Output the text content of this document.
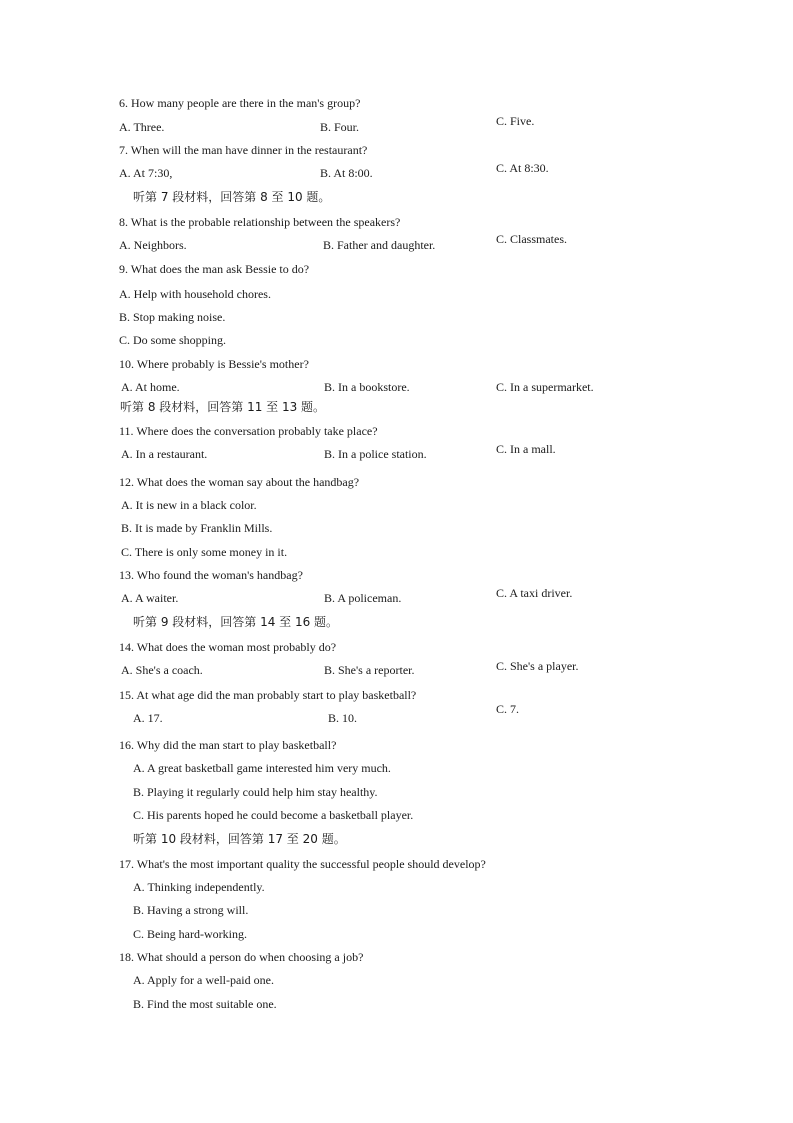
6. How many people are there in the man's group?
A. Three.	B. Four.	C. Five.
7. When will the man have dinner in the restaurant?
A. At 7:30,	B. At 8:00.	C. At 8:30.
听第 7 段材料，回答第 8 至 10 题。
8. What is the probable relationship between the speakers?
A. Neighbors.	B. Father and daughter.	C. Classmates.
9. What does the man ask Bessie to do?
A. Help with household chores.
B. Stop making noise.
C. Do some shopping.
10. Where probably is Bessie's mother?
A. At home.	B. In a bookstore.	C. In a supermarket.
听第 8 段材料，回答第 11 至 13 题。
11. Where does the conversation probably take place?
A. In a restaurant.	B. In a police station.	C. In a mall.
12. What does the woman say about the handbag?
A. It is new in a black color.
B. It is made by Franklin Mills.
C. There is only some money in it.
13. Who found the woman's handbag?
A. A waiter.	B. A policeman.	C. A taxi driver.
听第 9 段材料，回答第 14 至 16 题。
14. What does the woman most probably do?
A. She's a coach.	B. She's a reporter.	C. She's a player.
15. At what age did the man probably start to play basketball?
A. 17.	B. 10.
C. 7.
16. Why did the man start to play basketball?
A. A great basketball game interested him very much.
B. Playing it regularly could help him stay healthy.
C. His parents hoped he could become a basketball player.
听第 10 段材料，回答第 17 至 20 题。
17. What's the most important quality the successful people should develop?
A. Thinking independently.
B. Having a strong will.
C. Being hard-working.
18. What should a person do when choosing a job?
A. Apply for a well-paid one.
B. Find the most suitable one.
